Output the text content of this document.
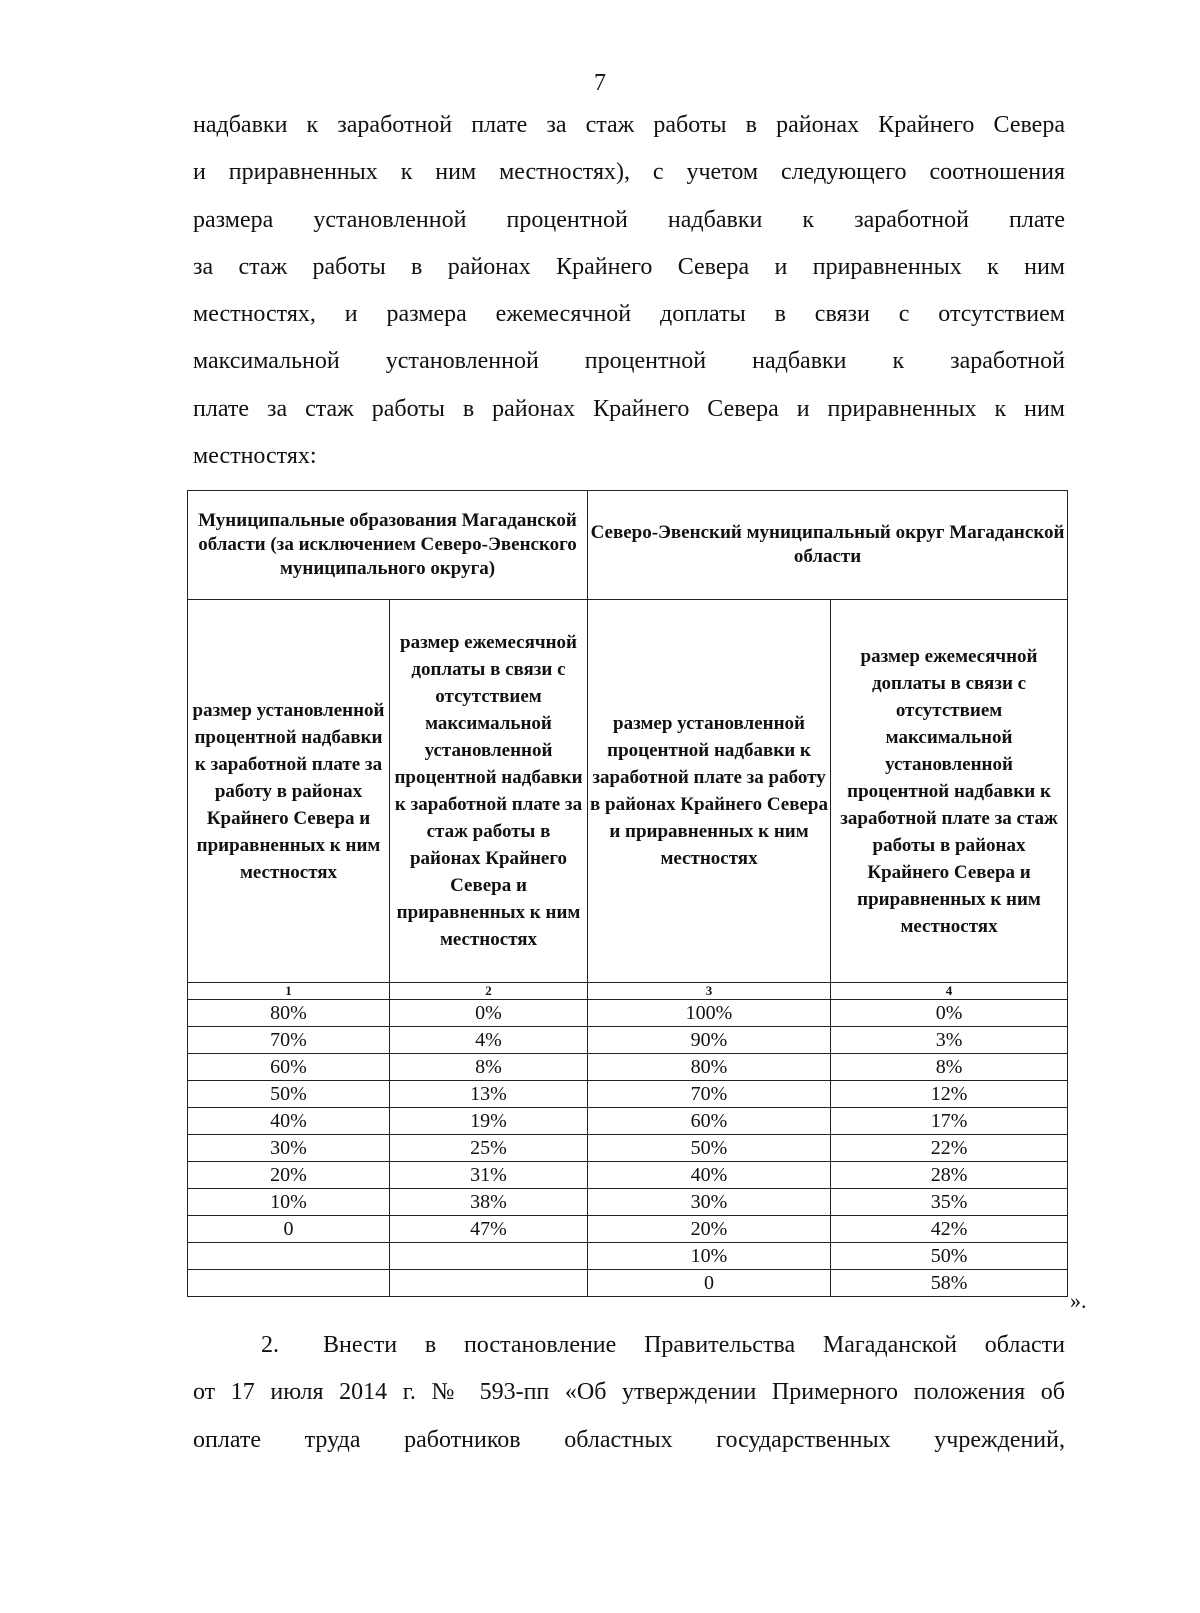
7
надбавки к заработной плате за стаж работы в районах Крайнего Севера
и приравненных к ним местностях), с учетом следующего соотношения
размера установленной процентной надбавки к заработной плате
за стаж работы в районах Крайнего Севера и приравненных к ним
местностях, и размера ежемесячной доплаты в связи с отсутствием
максимальной установленной процентной надбавки к заработной
плате за стаж работы в районах Крайнего Севера и приравненных к ним
местностях:
Муниципальные образования Магаданской области (за исключением Северо-Эвенского муниципального округа)		Северо-Эвенский муниципальный округ Магаданской области	
размер установленной процентной надбавки к заработной плате за работу в районах Крайнего Севера и приравненных к ним местностях	размер ежемесячной доплаты в связи с отсутствием максимальной установленной процентной надбавки к заработной плате за стаж работы в районах Крайнего Севера и приравненных к ним местностях	размер установленной процентной надбавки к заработной плате за работу в районах Крайнего Севера и приравненных к ним местностях	размер ежемесячной доплаты в связи с отсутствием максимальной установленной процентной надбавки к заработной плате за стаж работы в районах Крайнего Севера и приравненных к ним местностях
1	2	3	4
80%	0%	100%	0%
70%	4%	90%	3%
60%	8%	80%	8%
50%	13%	70%	12%
40%	19%	60%	17%
30%	25%	50%	22%
20%	31%	40%	28%
10%	38%	30%	35%
0	47%	20%	42%
		10%	50%
		0	58%
».
2. Внести в постановление Правительства Магаданской области
от 17 июля 2014 г. № 593-пп «Об утверждении Примерного положения об
оплате труда работников областных государственных учреждений,
